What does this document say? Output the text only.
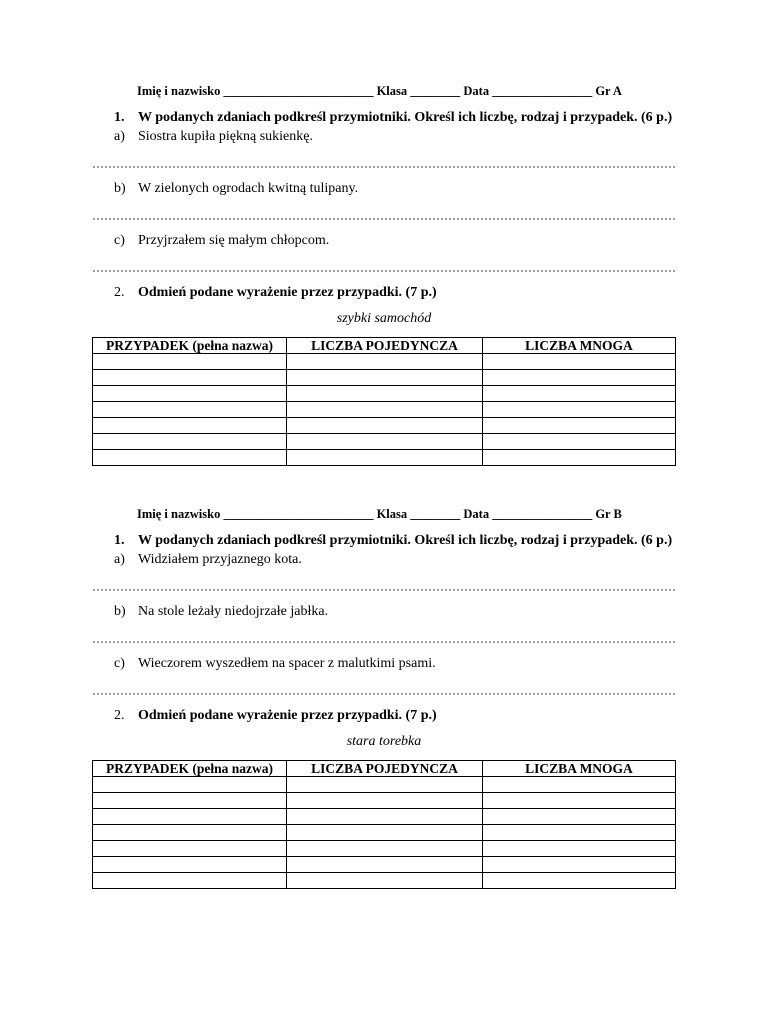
Imię i nazwisko ________________________ Klasa ________ Data ________________ Gr A
1. W podanych zdaniach podkreśl przymiotniki. Określ ich liczbę, rodzaj i przypadek. (6 p.)
a) Siostra kupiła piękną sukienkę.
b) W zielonych ogrodach kwitną tulipany.
c) Przyjrzałem się małym chłopcom.
2. Odmień podane wyrażenie przez przypadki. (7 p.)
szybki samochód
PRZYPADEK (pełna nazwa)	LICZBA POJEDYNCZA	LICZBA MNOGA

Imię i nazwisko ________________________ Klasa ________ Data ________________ Gr B
1. W podanych zdaniach podkreśl przymiotniki. Określ ich liczbę, rodzaj i przypadek. (6 p.)
a) Widziałem przyjaznego kota.
b) Na stole leżały niedojrzałe jabłka.
c) Wieczorem wyszedłem na spacer z malutkimi psami.
2. Odmień podane wyrażenie przez przypadki. (7 p.)
stara torebka
PRZYPADEK (pełna nazwa)	LICZBA POJEDYNCZA	LICZBA MNOGA
